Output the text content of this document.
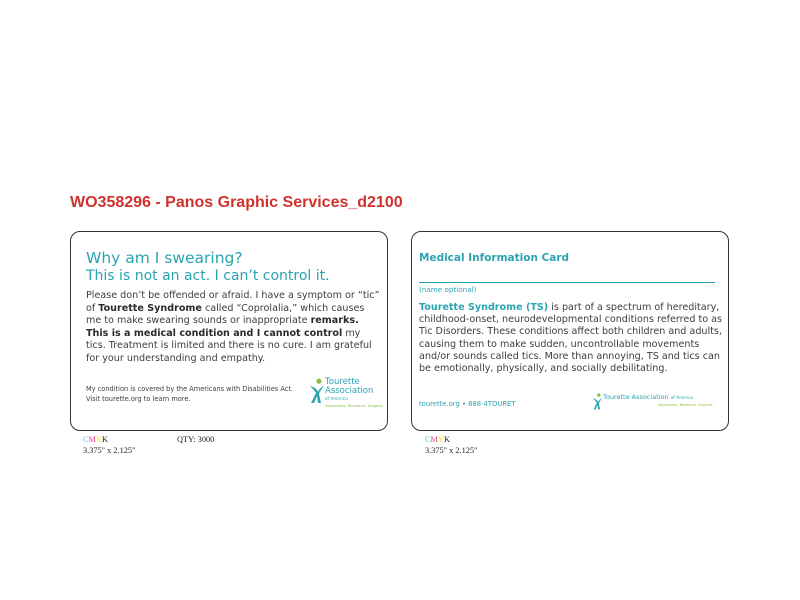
WO358296 - Panos Graphic Services_d2100
Why am I swearing?
This is not an act. I can’t control it.

Please don’t be offended or afraid. I have a symptom or “tic” of Tourette Syndrome called “Coprolalia,” which causes me to make swearing sounds or inappropriate remarks. This is a medical condition and I cannot control my tics. Treatment is limited and there is no cure. I am grateful for your understanding and empathy.

My condition is covered by the Americans with Disabilities Act. Visit tourette.org to learn more.

Tourette
Association
of America
Awareness. Research. Support.
Medical Information Card

(name optional)

Tourette Syndrome (TS) is part of a spectrum of hereditary, childhood-onset, neurodevelopmental conditions referred to as Tic Disorders. These conditions affect both children and adults, causing them to make sudden, uncontrollable movements and/or sounds called tics. More than annoying, TS and tics can be emotionally, physically, and socially debilitating.

tourette.org • 888-4TOURET

Tourette Association of America
Awareness. Research. Support.
CMYK
3.375" x 2.125"
QTY: 3000	CMYK
3.375" x 2.125"
